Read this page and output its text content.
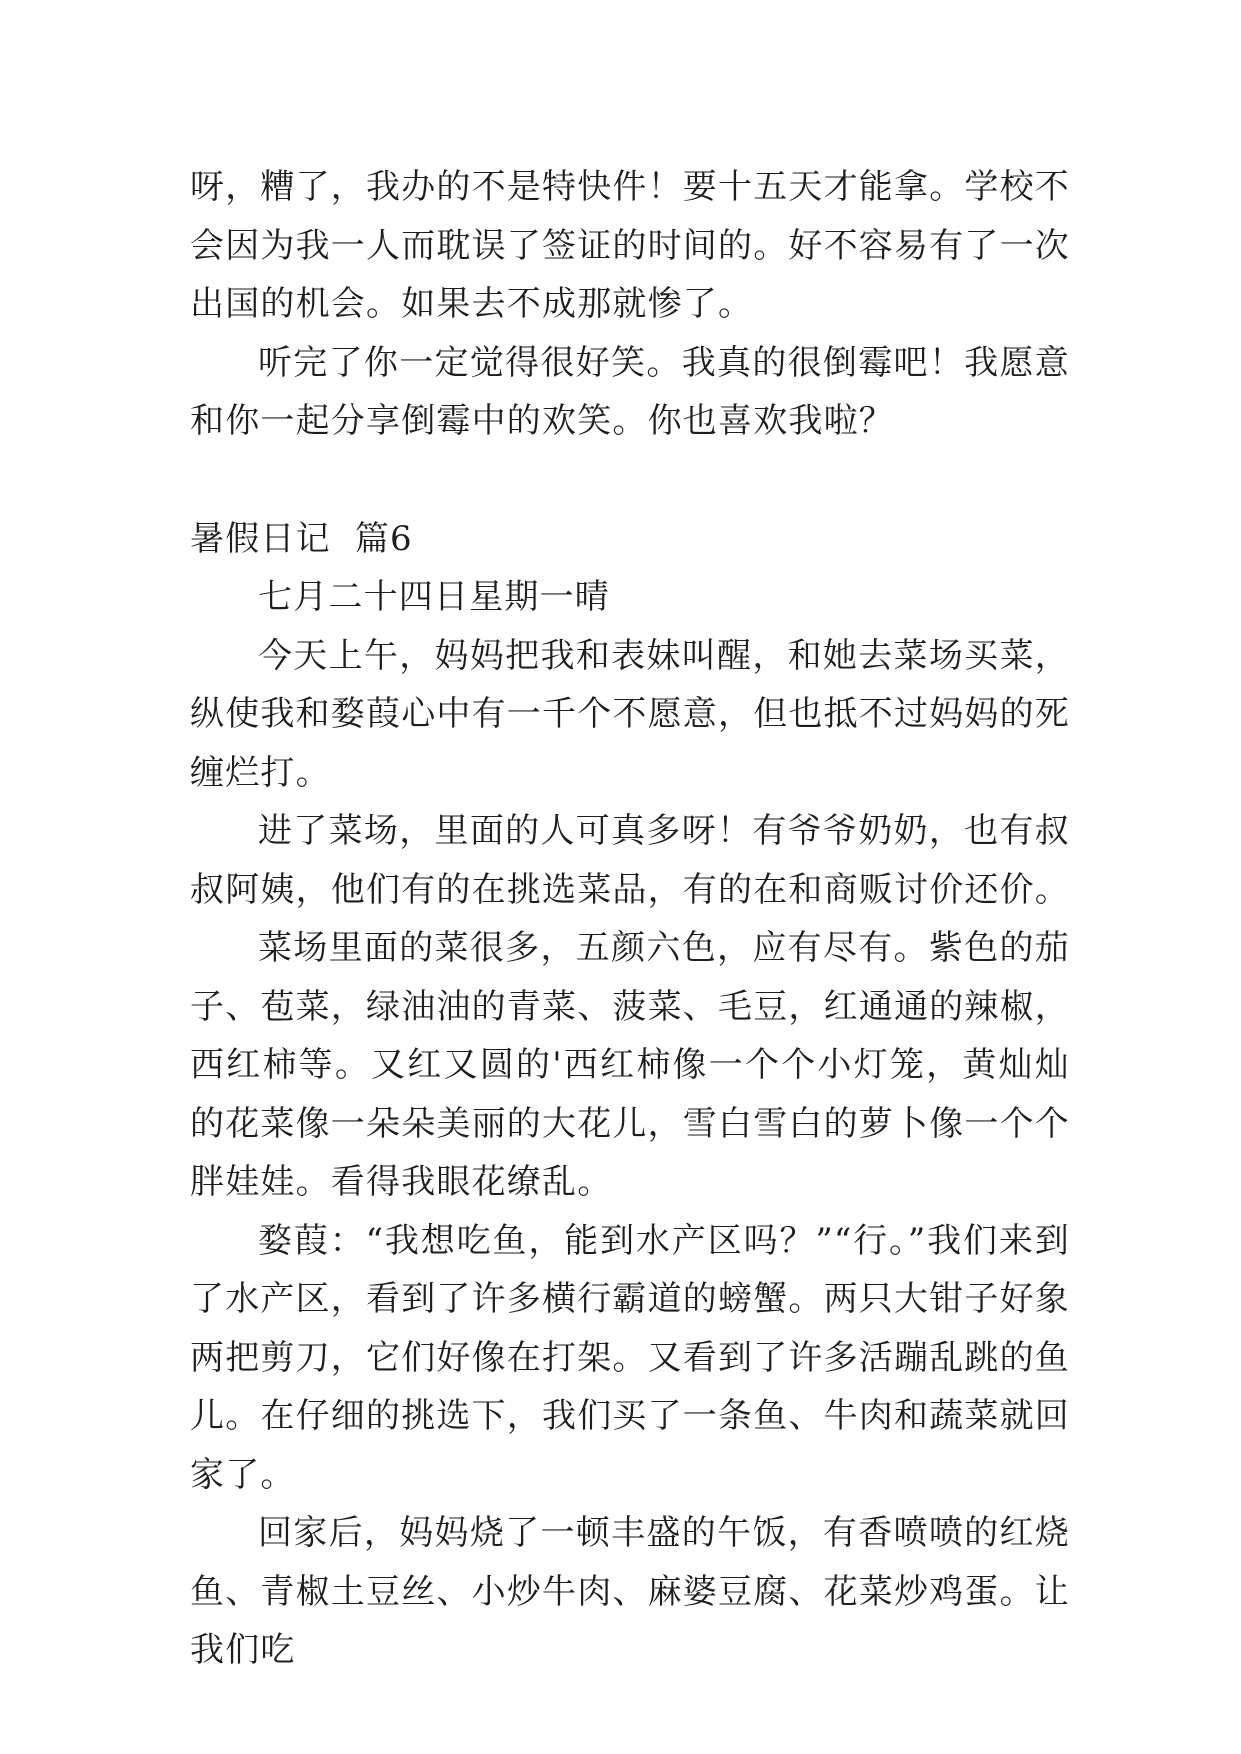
呀，糟了，我办的不是特快件！要十五天才能拿。学校不会因为我一人而耽误了签证的时间的。好不容易有了一次出国的机会。如果去不成那就惨了。

听完了你一定觉得很好笑。我真的很倒霉吧！我愿意和你一起分享倒霉中的欢笑。你也喜欢我啦？

暑假日记  篇6

七月二十四日星期一晴

今天上午，妈妈把我和表妹叫醒，和她去菜场买菜，纵使我和婺葭心中有一千个不愿意，但也抵不过妈妈的死缠烂打。

进了菜场，里面的人可真多呀！有爷爷奶奶，也有叔叔阿姨，他们有的在挑选菜品，有的在和商贩讨价还价。

菜场里面的菜很多，五颜六色，应有尽有。紫色的茄子、苞菜，绿油油的青菜、菠菜、毛豆，红通通的辣椒，西红柿等。又红又圆的'西红柿像一个个小灯笼，黄灿灿的花菜像一朵朵美丽的大花儿，雪白雪白的萝卜像一个个胖娃娃。看得我眼花缭乱。

婺葭：“我想吃鱼，能到水产区吗？”“行。”我们来到了水产区，看到了许多横行霸道的螃蟹。两只大钳子好象两把剪刀，它们好像在打架。又看到了许多活蹦乱跳的鱼儿。在仔细的挑选下，我们买了一条鱼、牛肉和蔬菜就回家了。

回家后，妈妈烧了一顿丰盛的午饭，有香喷喷的红烧鱼、青椒土豆丝、小炒牛肉、麻婆豆腐、花菜炒鸡蛋。让我们吃
